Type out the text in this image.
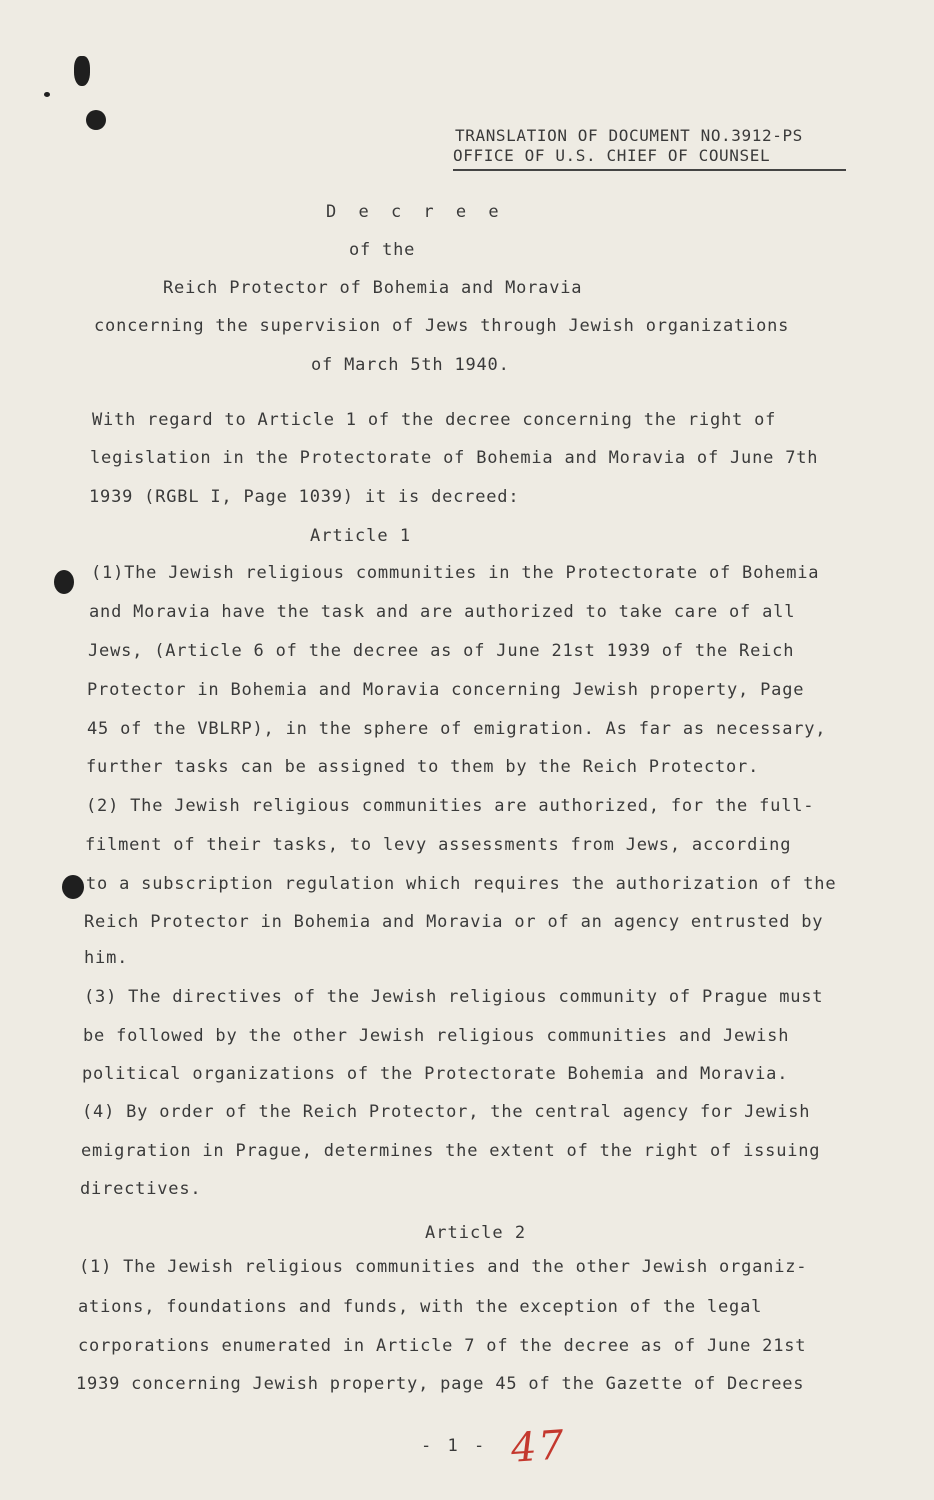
TRANSLATION OF DOCUMENT NO.3912-PS
OFFICE OF U.S. CHIEF OF COUNSEL
D e c r e e
of the
Reich Protector of Bohemia and Moravia
concerning the supervision of Jews through Jewish organizations
of March 5th 1940.
With regard to Article 1 of the decree concerning the right of
legislation in the Protectorate of Bohemia and Moravia of June 7th
1939 (RGBL I, Page 1039) it is decreed:
Article 1
(1)The Jewish religious communities in the Protectorate of Bohemia
and Moravia have the task and are authorized to take care of all
Jews, (Article 6 of the decree as of June 21st 1939 of the Reich
Protector in Bohemia and Moravia concerning Jewish property, Page
45 of the VBLRP), in the sphere of emigration. As far as necessary,
further tasks can be assigned to them by the Reich Protector.
(2) The Jewish religious communities are authorized, for the full-
filment of their tasks, to levy assessments from Jews, according
to a subscription regulation which requires the authorization of the
Reich Protector in Bohemia and Moravia or of an agency entrusted by
him.
(3) The directives of the Jewish religious community of Prague must
be followed by the other Jewish religious communities and Jewish
political organizations of the Protectorate Bohemia and Moravia.
(4) By order of the Reich Protector, the central agency for Jewish
emigration in Prague, determines the extent of the right of issuing
directives.
Article 2
(1) The Jewish religious communities and the other Jewish organiz-
ations, foundations and funds, with the exception of the legal
corporations enumerated in Article 7 of the decree as of June 21st
1939 concerning Jewish property, page 45 of the Gazette of Decrees
- 1 - 47
